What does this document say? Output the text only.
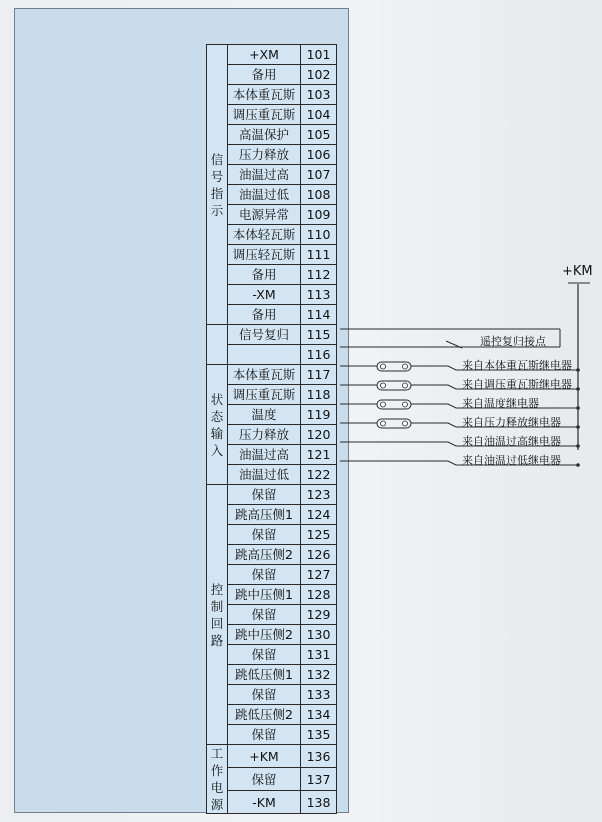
信
号
指
示	+XM	101
	备用	102
	本体重瓦斯	103
	调压重瓦斯	104
	高温保护	105
	压力释放	106
	油温过高	107
	油温过低	108
	电源异常	109
	本体轻瓦斯	110
	调压轻瓦斯	111
	备用	112
	-XM	113
	备用	114
	信号复归	115
		116

状
态
输
入	本体重瓦斯	117
	调压重瓦斯	118
	温度	119
	压力释放	120
	油温过高	121
	油温过低	122

控
制
回
路	保留	123
	跳高压侧1	124
	保留	125
	跳高压侧2	126
	保留	127
	跳中压侧1	128
	保留	129
	跳中压侧2	130
	保留	131
	跳低压侧1	132
	保留	133
	跳低压侧2	134
	保留	135

工
作
电
源	+KM	136
	保留	137
	-KM	138
+KM
遥控复归接点
来自本体重瓦斯继电器
来自调压重瓦斯继电器
来自温度继电器
来自压力释放继电器
来自油温过高继电器
来自油温过低继电器
